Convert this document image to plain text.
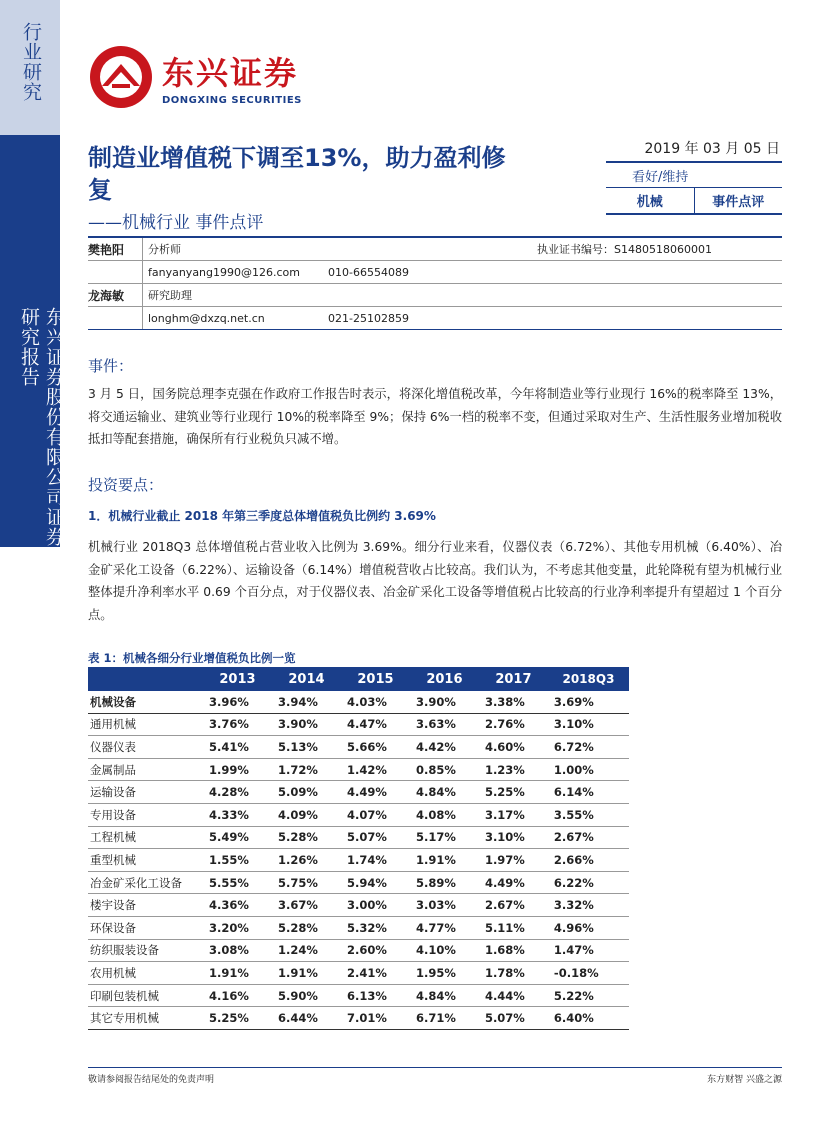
行业研究
东兴证券股份有限公司证券研究报告
东兴证券
DONGXING SECURITIES
制造业增值税下调至13%，助力盈利修复
——机械行业 事件点评
2019 年 03 月 05 日
看好/维持
机械	事件点评
樊艳阳	分析师	执业证书编号：S1480518060001
fanyanyang1990@126.com	010-66554089
龙海敏	研究助理
longhm@dxzq.net.cn	021-25102859
事件：
3 月 5 日，国务院总理李克强在作政府工作报告时表示，将深化增值税改革，今年将制造业等行业现行 16%的税率降至 13%，将交通运输业、建筑业等行业现行 10%的税率降至 9%；保持 6%一档的税率不变，但通过采取对生产、生活性服务业增加税收抵扣等配套措施，确保所有行业税负只减不增。
投资要点：
1．机械行业截止 2018 年第三季度总体增值税负比例约 3.69%
机械行业 2018Q3 总体增值税占营业收入比例为 3.69%。细分行业来看，仪器仪表（6.72%）、其他专用机械（6.40%）、冶金矿采化工设备（6.22%）、运输设备（6.14%）增值税营收占比较高。我们认为，不考虑其他变量，此轮降税有望为机械行业整体提升净利率水平 0.69 个百分点，对于仪器仪表、冶金矿采化工设备等增值税占比较高的行业净利率提升有望超过 1 个百分点。
表 1：机械各细分行业增值税负比例一览
	2013	2014	2015	2016	2017	2018Q3
机械设备	3.96%	3.94%	4.03%	3.90%	3.38%	3.69%
通用机械	3.76%	3.90%	4.47%	3.63%	2.76%	3.10%
仪器仪表	5.41%	5.13%	5.66%	4.42%	4.60%	6.72%
金属制品	1.99%	1.72%	1.42%	0.85%	1.23%	1.00%
运输设备	4.28%	5.09%	4.49%	4.84%	5.25%	6.14%
专用设备	4.33%	4.09%	4.07%	4.08%	3.17%	3.55%
工程机械	5.49%	5.28%	5.07%	5.17%	3.10%	2.67%
重型机械	1.55%	1.26%	1.74%	1.91%	1.97%	2.66%
冶金矿采化工设备	5.55%	5.75%	5.94%	5.89%	4.49%	6.22%
楼宇设备	4.36%	3.67%	3.00%	3.03%	2.67%	3.32%
环保设备	3.20%	5.28%	5.32%	4.77%	5.11%	4.96%
纺织服装设备	3.08%	1.24%	2.60%	4.10%	1.68%	1.47%
农用机械	1.91%	1.91%	2.41%	1.95%	1.78%	-0.18%
印刷包装机械	4.16%	5.90%	6.13%	4.84%	4.44%	5.22%
其它专用机械	5.25%	6.44%	7.01%	6.71%	5.07%	6.40%
敬请参阅报告结尾处的免责声明	东方财智 兴盛之源
